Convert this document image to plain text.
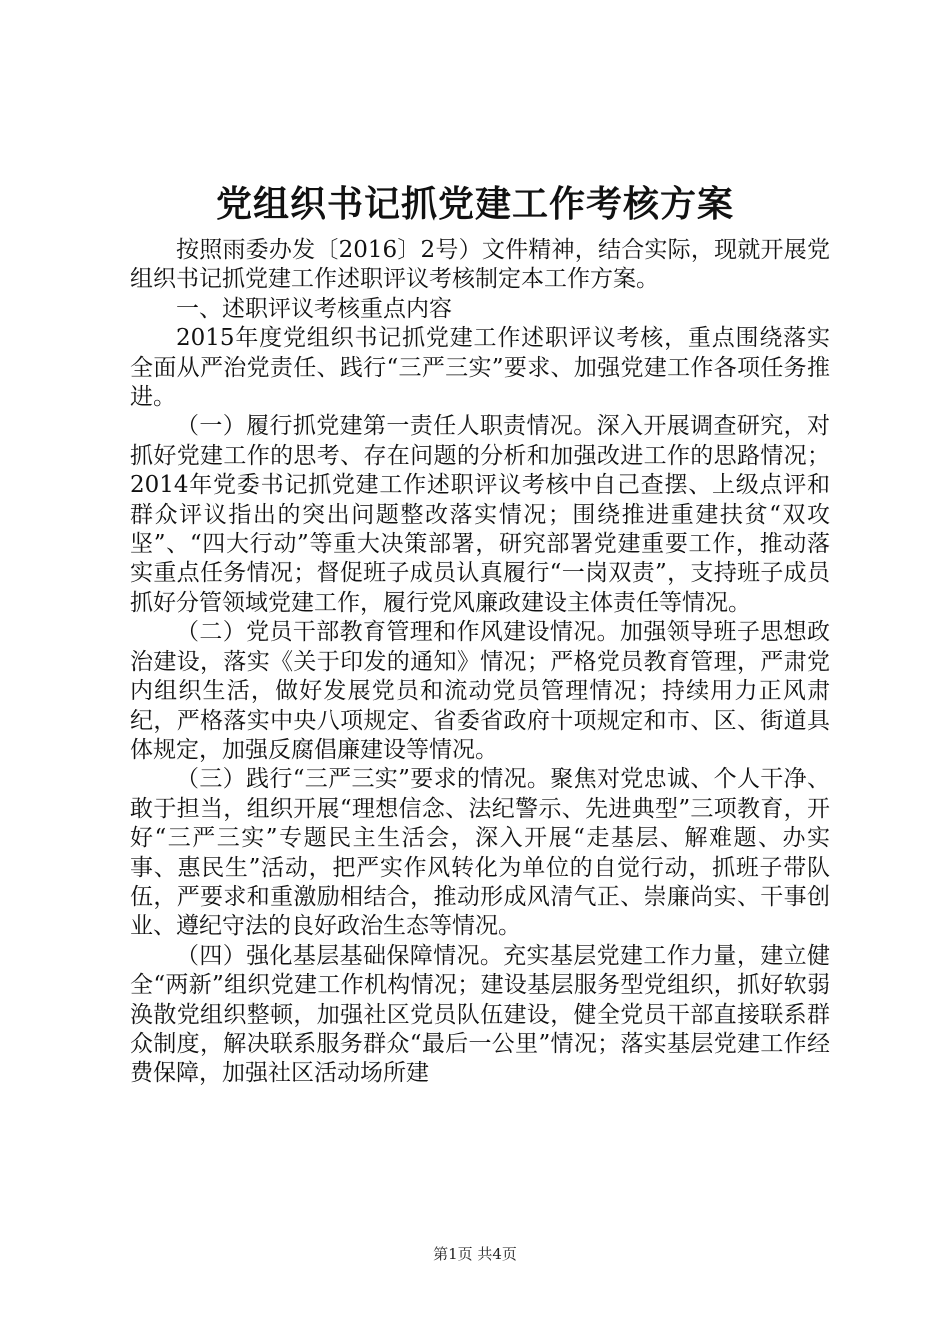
党组织书记抓党建工作考核方案

按照雨委办发〔2016〕2号）文件精神，结合实际，现就开展党组织书记抓党建工作述职评议考核制定本工作方案。

一、述职评议考核重点内容

2015年度党组织书记抓党建工作述职评议考核，重点围绕落实全面从严治党责任、践行“三严三实”要求、加强党建工作各项任务推进。

（一）履行抓党建第一责任人职责情况。深入开展调查研究，对抓好党建工作的思考、存在问题的分析和加强改进工作的思路情况；2014年党委书记抓党建工作述职评议考核中自己查摆、上级点评和群众评议指出的突出问题整改落实情况；围绕推进重建扶贫“双攻坚”、“四大行动”等重大决策部署，研究部署党建重要工作，推动落实重点任务情况；督促班子成员认真履行“一岗双责”，支持班子成员抓好分管领域党建工作，履行党风廉政建设主体责任等情况。

（二）党员干部教育管理和作风建设情况。加强领导班子思想政治建设，落实《关于印发的通知》情况；严格党员教育管理，严肃党内组织生活，做好发展党员和流动党员管理情况；持续用力正风肃纪，严格落实中央八项规定、省委省政府十项规定和市、区、街道具体规定，加强反腐倡廉建设等情况。

（三）践行“三严三实”要求的情况。聚焦对党忠诚、个人干净、敢于担当，组织开展“理想信念、法纪警示、先进典型”三项教育，开好“三严三实”专题民主生活会，深入开展“走基层、解难题、办实事、惠民生”活动，把严实作风转化为单位的自觉行动，抓班子带队伍，严要求和重激励相结合，推动形成风清气正、崇廉尚实、干事创业、遵纪守法的良好政治生态等情况。

（四）强化基层基础保障情况。充实基层党建工作力量，建立健全“两新”组织党建工作机构情况；建设基层服务型党组织，抓好软弱涣散党组织整顿，加强社区党员队伍建设，健全党员干部直接联系群众制度，解决联系服务群众“最后一公里”情况；落实基层党建工作经费保障，加强社区活动场所建

第1页 共4页
